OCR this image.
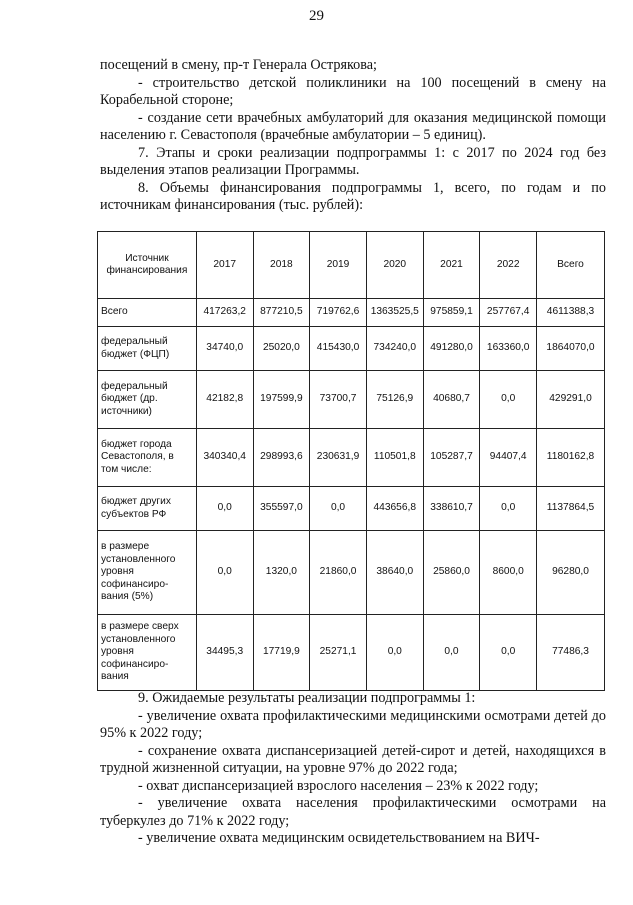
29

посещений в смену, пр-т Генерала Острякова;

- строительство детской поликлиники на 100 посещений в смену на Корабельной стороне;

- создание сети врачебных амбулаторий для оказания медицинской помощи населению г. Севастополя (врачебные амбулатории – 5 единиц).

7. Этапы и сроки реализации подпрограммы 1: с 2017 по 2024 год без выделения этапов реализации Программы.

8. Объемы финансирования подпрограммы 1, всего, по годам и по источникам финансирования (тыс. рублей):

Источник финансирования	2017	2018	2019	2020	2021	2022	Всего
Всего	417263,2	877210,5	719762,6	1363525,5	975859,1	257767,4	4611388,3
федеральный бюджет (ФЦП)	34740,0	25020,0	415430,0	734240,0	491280,0	163360,0	1864070,0
федеральный бюджет (др. источники)	42182,8	197599,9	73700,7	75126,9	40680,7	0,0	429291,0
бюджет города Севастополя, в том числе:	340340,4	298993,6	230631,9	110501,8	105287,7	94407,4	1180162,8
бюджет других субъектов РФ	0,0	355597,0	0,0	443656,8	338610,7	0,0	1137864,5
в размере установленного уровня софинансиро-вания (5%)	0,0	1320,0	21860,0	38640,0	25860,0	8600,0	96280,0
в размере сверх установленного уровня софинансиро-вания	34495,3	17719,9	25271,1	0,0	0,0	0,0	77486,3

9. Ожидаемые результаты реализации подпрограммы 1:

- увеличение охвата профилактическими медицинскими осмотрами детей до 95% к 2022 году;

- сохранение охвата диспансеризацией детей-сирот и детей, находящихся в трудной жизненной ситуации, на уровне 97% до 2022 года;

- охват диспансеризацией взрослого населения – 23% к 2022 году;

- увеличение охвата населения профилактическими осмотрами на туберкулез до 71% к 2022 году;

- увеличение охвата медицинским освидетельствованием на ВИЧ-
